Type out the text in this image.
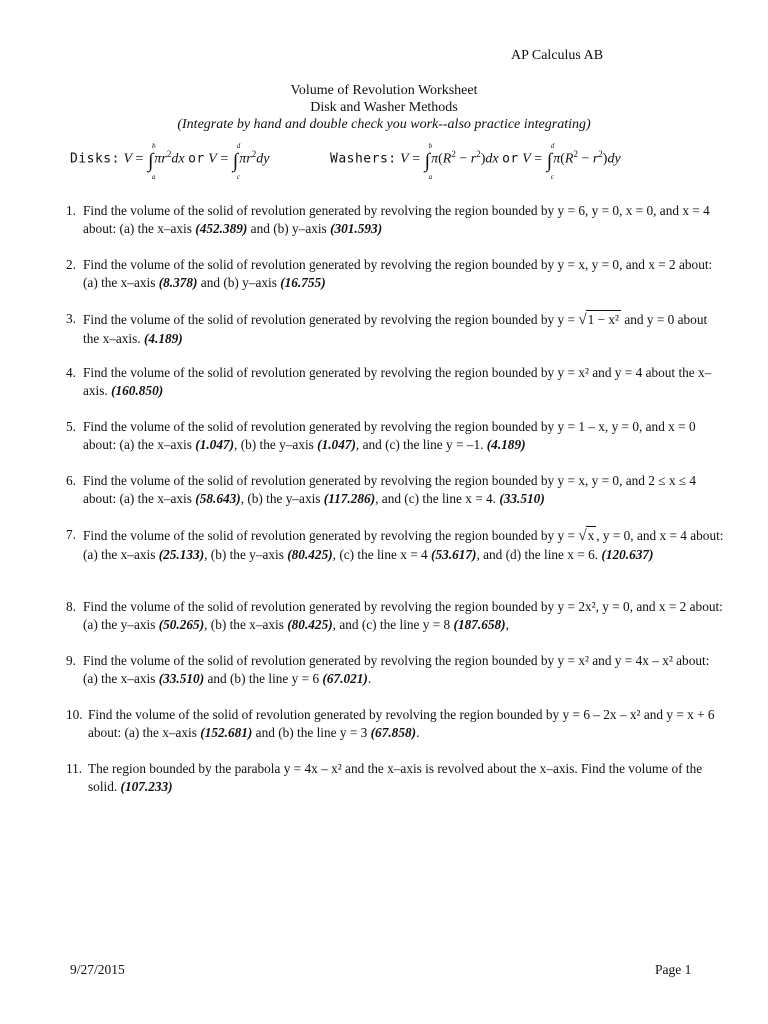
AP Calculus AB
Volume of Revolution Worksheet
Disk and Washer Methods
(Integrate by hand and double check you work--also practice integrating)
Disks: V = ∫
b
a
$\pi r^2dx$ or V = ∫
d
c
$\pi r^2dy$	Washers: V = ∫
b
a
$\pi(R^2 - r^2)dx$ or V = ∫
d
c
$\pi(R^2 - r^2)dy$
1. Find the volume of the solid of revolution generated by revolving the region bounded by y = 6, y = 0, x = 0, and x = 4 about: (a) the x–axis (452.389) and (b) y–axis (301.593)
2. Find the volume of the solid of revolution generated by revolving the region bounded by y = x, y = 0, and x = 2 about: (a) the x–axis (8.378) and (b) y–axis (16.755)
3. Find the volume of the solid of revolution generated by revolving the region bounded by y = √1 − x² and y = 0 about the x–axis. (4.189)
4. Find the volume of the solid of revolution generated by revolving the region bounded by y = x² and y = 4 about the x–axis. (160.850)
5. Find the volume of the solid of revolution generated by revolving the region bounded by y = 1 – x, y = 0, and x = 0 about: (a) the x–axis (1.047), (b) the y–axis (1.047), and (c) the line y = –1. (4.189)
6. Find the volume of the solid of revolution generated by revolving the region bounded by y = x, y = 0, and 2 ≤ x ≤ 4 about: (a) the x–axis (58.643), (b) the y–axis (117.286), and (c) the line x = 4. (33.510)
7. Find the volume of the solid of revolution generated by revolving the region bounded by y = √x , y = 0, and x = 4 about: (a) the x–axis (25.133), (b) the y–axis (80.425), (c) the line x = 4 (53.617), and (d) the line x = 6. (120.637)
8. Find the volume of the solid of revolution generated by revolving the region bounded by y = 2x², y = 0, and x = 2 about: (a) the y–axis (50.265), (b) the x–axis (80.425), and (c) the line y = 8 (187.658),
9. Find the volume of the solid of revolution generated by revolving the region bounded by y = x² and y = 4x – x² about: (a) the x–axis (33.510) and (b) the line y = 6 (67.021).
10. Find the volume of the solid of revolution generated by revolving the region bounded by y = 6 – 2x – x² and y = x + 6 about: (a) the x–axis (152.681) and (b) the line y = 3 (67.858).
11. The region bounded by the parabola y = 4x – x² and the x–axis is revolved about the x–axis. Find the volume of the solid. (107.233)
9/27/2015	Page 1
